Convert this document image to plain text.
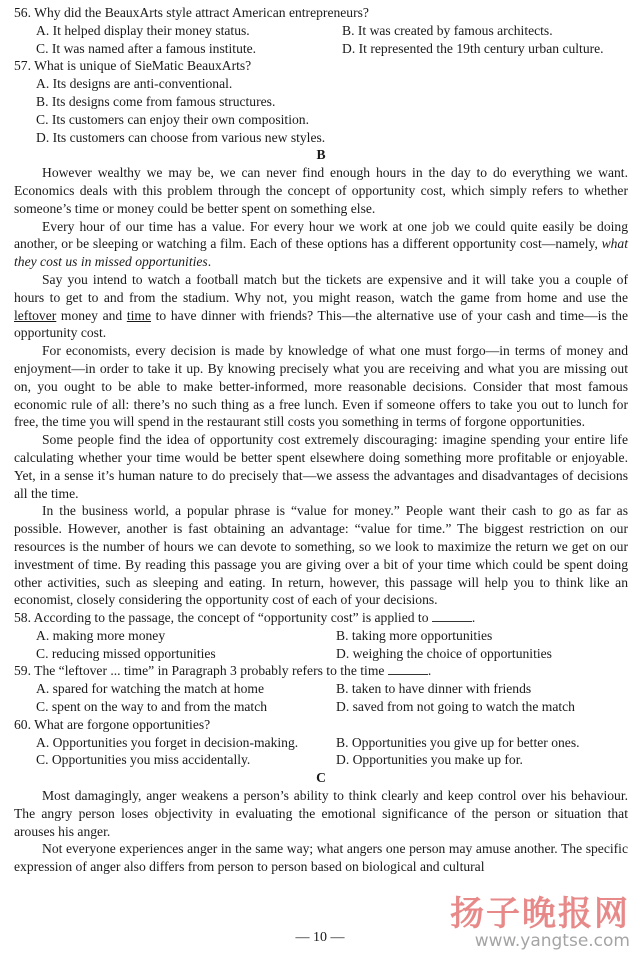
56. Why did the BeauxArts style attract American entrepreneurs?
A. It helped display their money status.	B. It was created by famous architects.
C. It was named after a famous institute.	D. It represented the 19th century urban culture.
57. What is unique of SieMatic BeauxArts?
A. Its designs are anti-conventional.
B. Its designs come from famous structures.
C. Its customers can enjoy their own composition.
D. Its customers can choose from various new styles.
B

However wealthy we may be, we can never find enough hours in the day to do everything we want. Economics deals with this problem through the concept of opportunity cost, which simply refers to whether someone’s time or money could be better spent on something else.

Every hour of our time has a value. For every hour we work at one job we could quite easily be doing another, or be sleeping or watching a film. Each of these options has a different opportunity cost—namely, what they cost us in missed opportunities.

Say you intend to watch a football match but the tickets are expensive and it will take you a couple of hours to get to and from the stadium. Why not, you might reason, watch the game from home and use the leftover money and time to have dinner with friends? This—the alternative use of your cash and time—is the opportunity cost.

For economists, every decision is made by knowledge of what one must forgo—in terms of money and enjoyment—in order to take it up. By knowing precisely what you are receiving and what you are missing out on, you ought to be able to make better-informed, more reasonable decisions. Consider that most famous economic rule of all: there’s no such thing as a free lunch. Even if someone offers to take you out to lunch for free, the time you will spend in the restaurant still costs you something in terms of forgone opportunities.

Some people find the idea of opportunity cost extremely discouraging: imagine spending your entire life calculating whether your time would be better spent elsewhere doing something more profitable or enjoyable. Yet, in a sense it’s human nature to do precisely that—we assess the advantages and disadvantages of decisions all the time.

In the business world, a popular phrase is “value for money.” People want their cash to go as far as possible. However, another is fast obtaining an advantage: “value for time.” The biggest restriction on our resources is the number of hours we can devote to something, so we look to maximize the return we get on our investment of time. By reading this passage you are giving over a bit of your time which could be spent doing other activities, such as sleeping and eating. In return, however, this passage will help you to think like an economist, closely considering the opportunity cost of each of your decisions.

58. According to the passage, the concept of “opportunity cost” is applied to	.
A. making more money	B. taking more opportunities
C. reducing missed opportunities	D. weighing the choice of opportunities
59. The “leftover ... time” in Paragraph 3 probably refers to the time	.
A. spared for watching the match at home	B. taken to have dinner with friends
C. spent on the way to and from the match	D. saved from not going to watch the match
60. What are forgone opportunities?
A. Opportunities you forget in decision-making.	B. Opportunities you give up for better ones.
C. Opportunities you miss accidentally.	D. Opportunities you make up for.
C

Most damagingly, anger weakens a person’s ability to think clearly and keep control over his behaviour. The angry person loses objectivity in evaluating the emotional significance of the person or situation that arouses his anger.

Not everyone experiences anger in the same way; what angers one person may amuse another. The specific expression of anger also differs from person to person based on biological and cultural

— 10 —
扬子晚报网
www.yangtse.com
